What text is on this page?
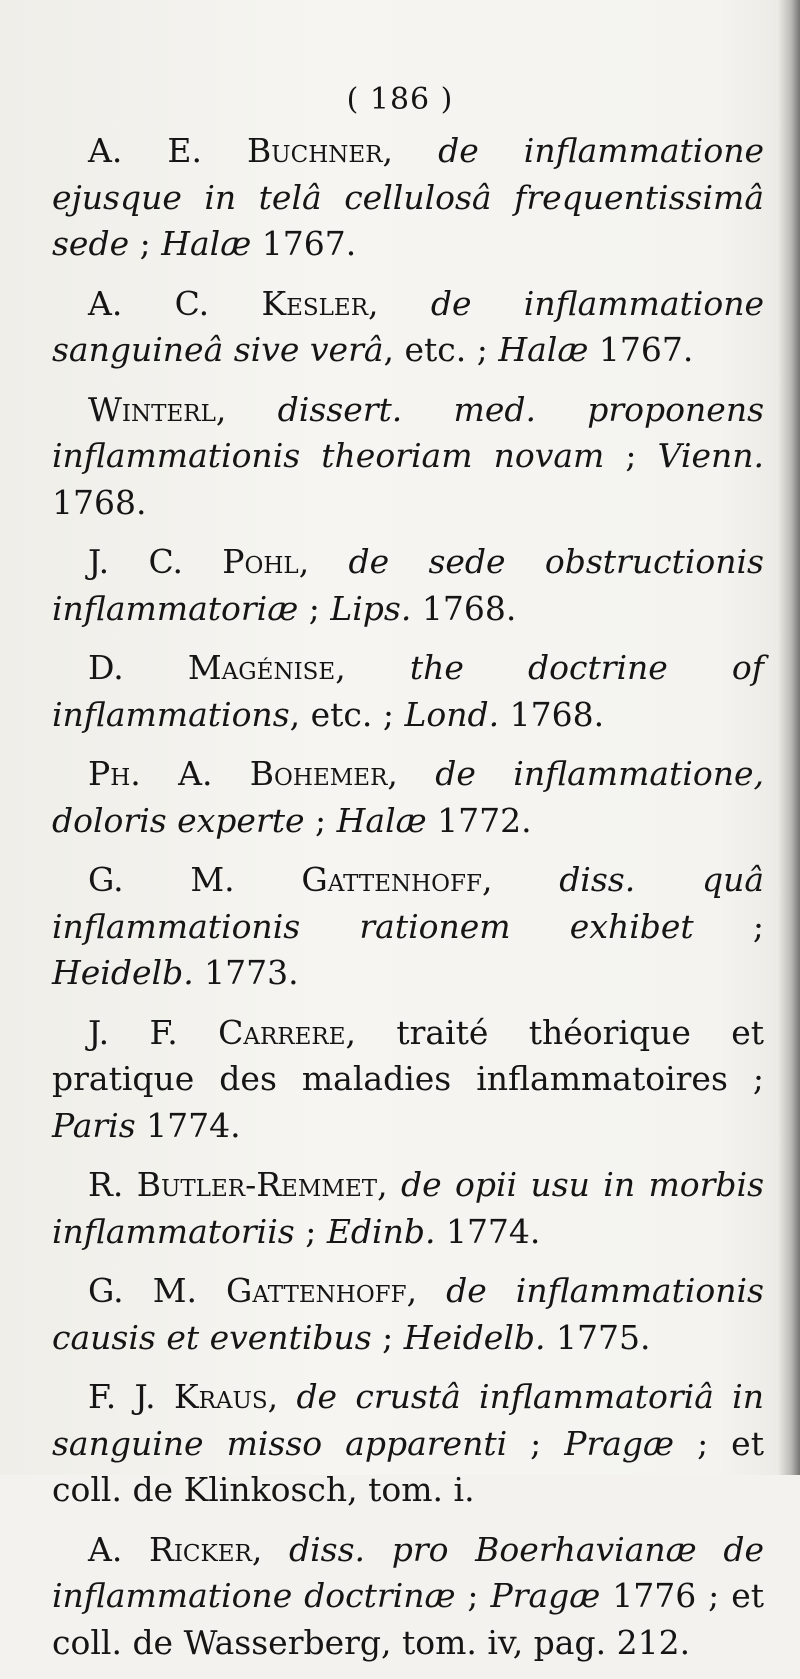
( 186 )

A. E. Buchner, de inflammatione ejusque in telâ cellulosâ frequentissimâ sede ; Halæ 1767.

A. C. Kesler, de inflammatione sanguineâ sive verâ, etc. ; Halæ 1767.

Winterl, dissert. med. proponens inflammationis theoriam novam ; Vienn. 1768.

J. C. Pohl, de sede obstructionis inflammatoriæ ; Lips. 1768.

D. Magénise, the doctrine of inflammations, etc. ; Lond. 1768.

Ph. A. Bohemer, de inflammatione, doloris experte ; Halæ 1772.

G. M. Gattenhoff, diss. quâ inflammationis rationem exhibet ; Heidelb. 1773.

J. F. Carrere, traité théorique et pratique des maladies inflammatoires ; Paris 1774.

R. Butler-Remmet, de opii usu in morbis inflammatoriis ; Edinb. 1774.

G. M. Gattenhoff, de inflammationis causis et eventibus ; Heidelb. 1775.

F. J. Kraus, de crustâ inflammatoriâ in sanguine misso apparenti ; Pragæ ; et coll. de Klinkosch, tom. i.

A. Ricker, diss. pro Boerhavianæ de inflammatione doctrinæ ; Pragæ 1776 ; et coll. de Wasserberg, tom. iv, pag. 212.
